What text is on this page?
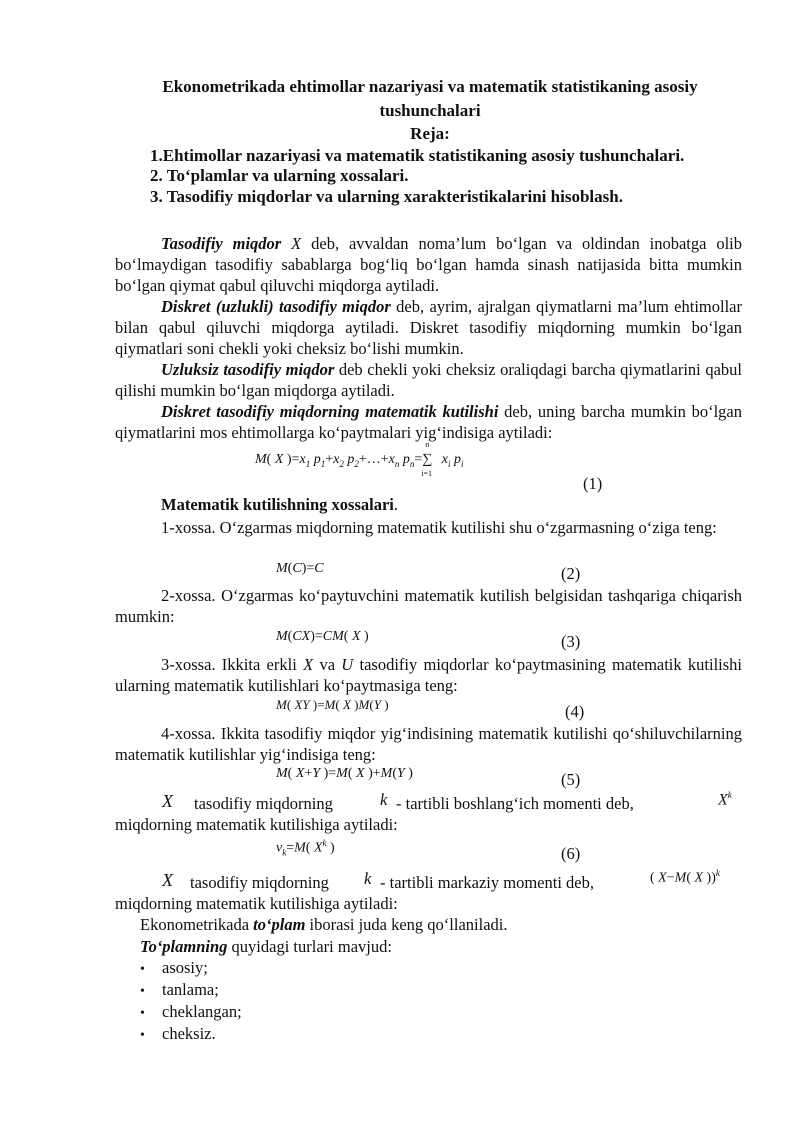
Ekonometrikada ehtimollar nazariyasi va matematik statistikaning asosiy
tushunchalari
Reja:
1.Ehtimollar nazariyasi va matematik statistikaning asosiy tushunchalari.
2. To‘plamlar va ularning xossalari.
3. Tasodifiy miqdorlar va ularning xarakteristikalarini hisoblash.
Tasodifiy miqdor X deb, avvaldan noma’lum bo‘lgan va oldindan inobatga olib bo‘lmaydigan tasodifiy sabablarga bog‘liq bo‘lgan hamda sinash natijasida bitta mumkin bo‘lgan qiymat qabul qiluvchi miqdorga aytiladi.
Diskret (uzlukli) tasodifiy miqdor deb, ayrim, ajralgan qiymatlarni ma’lum ehtimollar bilan qabul qiluvchi miqdorga aytiladi. Diskret tasodifiy miqdorning mumkin bo‘lgan qiymatlari soni chekli yoki cheksiz bo‘lishi mumkin.
Uzluksiz tasodifiy miqdor deb chekli yoki cheksiz oraliqdagi barcha qiymatlarini qabul qilishi mumkin bo‘lgan miqdorga aytiladi.
Diskret tasodifiy miqdorning matematik kutilishi deb, uning barcha mumkin bo‘lgan qiymatlarini mos ehtimollarga ko‘paytmalari yig‘indisiga aytiladi:
M( X )$=x_1$ $p_1+x_2$ $p_2+\dots+x_n$ $p_n=$
n
∑
i=1
$x_i$ $p_i$
(1)
Matematik kutilishning xossalari.
1-xossa. O‘zgarmas miqdorning matematik kutilishi shu o‘zgarmasning o‘ziga teng:
M(C)=C	(2)
2-xossa. O‘zgarmas ko‘paytuvchini matematik kutilish belgisidan tashqariga chiqarish mumkin:
M(CX)=CM( X )	(3)
3-xossa. Ikkita erkli X va U tasodifiy miqdorlar ko‘paytmasining matematik kutilishi ularning matematik kutilishlari ko‘paytmasiga teng:
M( XY )=M( X )M(Y )	(4)
4-xossa. Ikkita tasodifiy miqdor yig‘indisining matematik kutilishi qo‘shiluvchilarning matematik kutilishlar yig‘indisiga teng:
M( X+Y )=M( X )+M(Y )	(5)
X tasodifiy miqdorning	k - tartibli boshlang‘ich momenti deb,	$X^k$
miqdorning matematik kutilishiga aytiladi:
$v_k=M$( $X^k$ )	(6)
X tasodifiy miqdorning	k - tartibli markaziy momenti deb,	( X−M( X ))$^k$
miqdorning matematik kutilishiga aytiladi:
Ekonometrikada to‘plam iborasi juda keng qo‘llaniladi.
To‘plamning quyidagi turlari mavjud:
• asosiy;
• tanlama;
• cheklangan;
• cheksiz.
